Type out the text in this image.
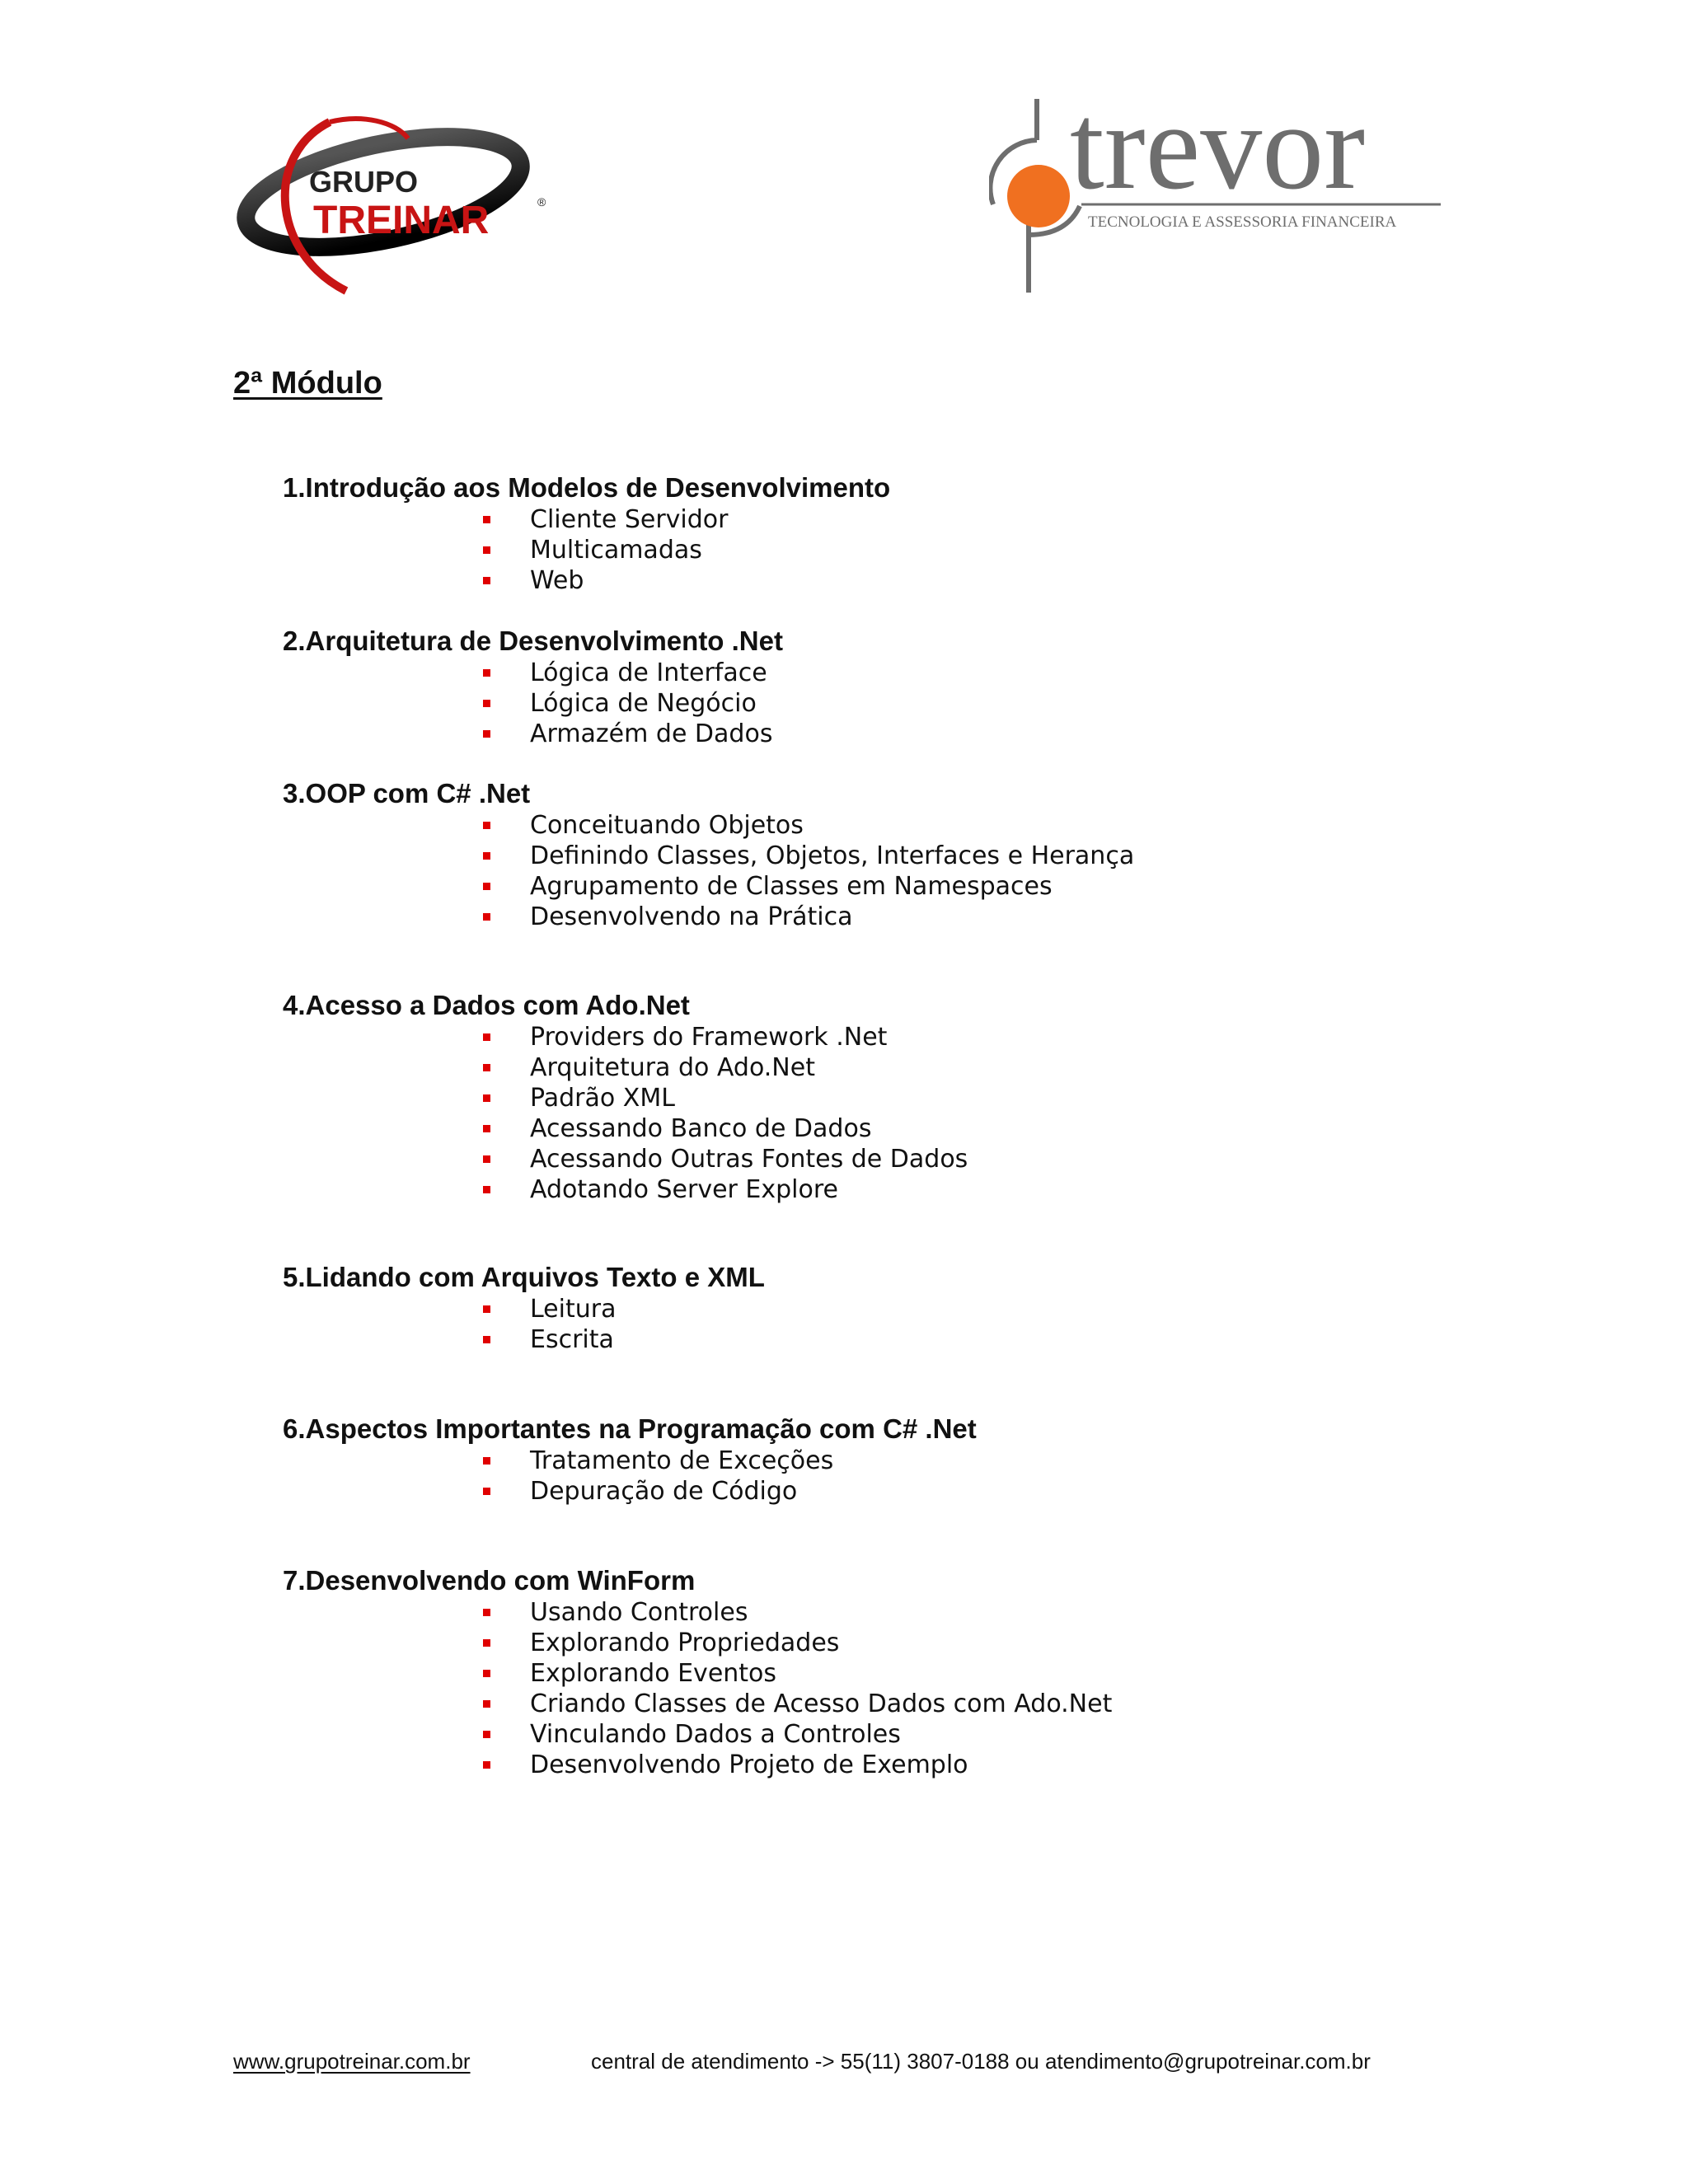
GRUPO
TREINAR	®	trevor
TECNOLOGIA E ASSESSORIA FINANCEIRA
2ª Módulo
1.Introdução aos Modelos de Desenvolvimento
Cliente Servidor
Multicamadas
Web
2.Arquitetura de Desenvolvimento .Net
Lógica de Interface
Lógica de Negócio
Armazém de Dados
3.OOP com C# .Net
Conceituando Objetos
Definindo Classes, Objetos, Interfaces e Herança
Agrupamento de Classes em Namespaces
Desenvolvendo na Prática
4.Acesso a Dados com Ado.Net
Providers do Framework .Net
Arquitetura do Ado.Net
Padrão XML
Acessando Banco de Dados
Acessando Outras Fontes de Dados
Adotando Server Explore
5.Lidando com Arquivos Texto e XML
Leitura
Escrita
6.Aspectos Importantes na Programação com C# .Net
Tratamento de Exceções
Depuração de Código
7.Desenvolvendo com WinForm
Usando Controles
Explorando Propriedades
Explorando Eventos
Criando Classes de Acesso Dados com Ado.Net
Vinculando Dados a Controles
Desenvolvendo Projeto de Exemplo
www.grupotreinar.com.br	central de atendimento -> 55(11) 3807-0188 ou atendimento@grupotreinar.com.br
